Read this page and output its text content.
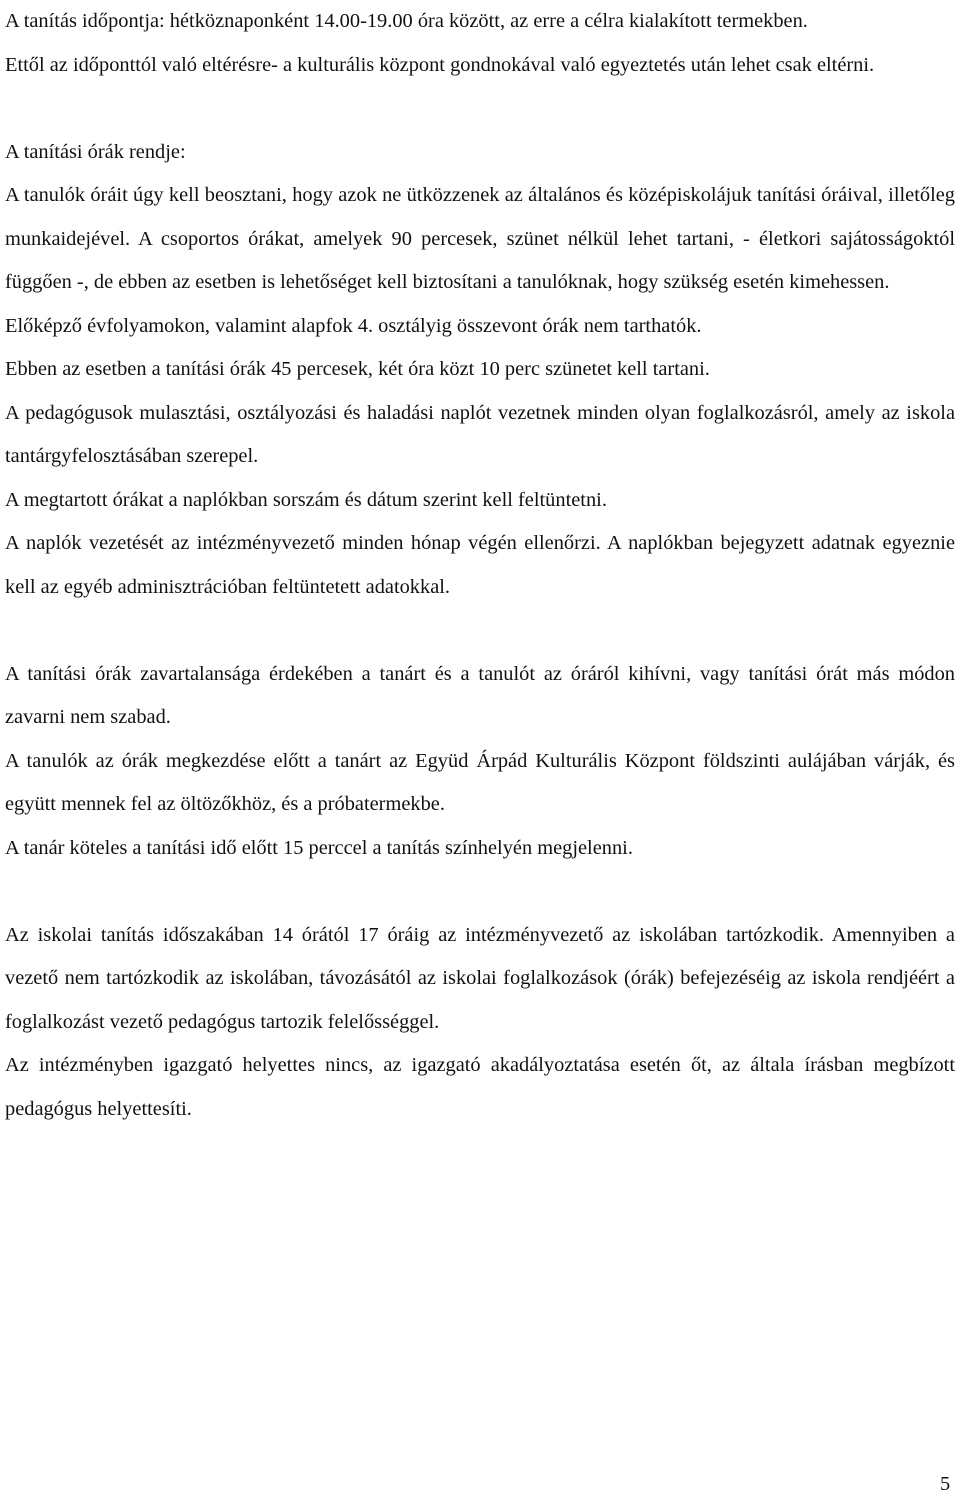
A tanítás időpontja: hétköznaponként 14.00-19.00 óra között, az erre a célra kialakított termekben.

Ettől az időponttól való eltérésre- a kulturális központ gondnokával való egyeztetés után lehet csak eltérni.

A tanítási órák rendje:

A tanulók óráit úgy kell beosztani, hogy azok ne ütközzenek az általános és középiskolájuk tanítási óráival, illetőleg munkaidejével. A csoportos órákat, amelyek 90 percesek, szünet nélkül lehet tartani, - életkori sajátosságoktól függően -, de ebben az esetben is lehetőséget kell biztosítani a tanulóknak, hogy szükség esetén kimehessen.

Előképző évfolyamokon, valamint alapfok 4. osztályig összevont órák nem tarthatók.

Ebben az esetben a tanítási órák 45 percesek, két óra közt 10 perc szünetet kell tartani.

A pedagógusok mulasztási, osztályozási és haladási naplót vezetnek minden olyan foglalkozásról, amely az iskola tantárgyfelosztásában szerepel.

A megtartott órákat a naplókban sorszám és dátum szerint kell feltüntetni.

A naplók vezetését az intézményvezető minden hónap végén ellenőrzi. A naplókban bejegyzett adatnak egyeznie kell az egyéb adminisztrációban feltüntetett adatokkal.

A tanítási órák zavartalansága érdekében a tanárt és a tanulót az óráról kihívni, vagy tanítási órát más módon zavarni nem szabad.

A tanulók az órák megkezdése előtt a tanárt az Együd Árpád Kulturális Központ földszinti aulájában várják, és együtt mennek fel az öltözőkhöz, és a próbatermekbe.

A tanár köteles a tanítási idő előtt 15 perccel a tanítás színhelyén megjelenni.

Az iskolai tanítás időszakában 14 órától 17 óráig az intézményvezető az iskolában tartózkodik. Amennyiben a vezető nem tartózkodik az iskolában, távozásától az iskolai foglalkozások (órák) befejezéséig az iskola rendjéért a foglalkozást vezető pedagógus tartozik felelősséggel.

Az intézményben igazgató helyettes nincs, az igazgató akadályoztatása esetén őt, az általa írásban megbízott pedagógus helyettesíti.

5
